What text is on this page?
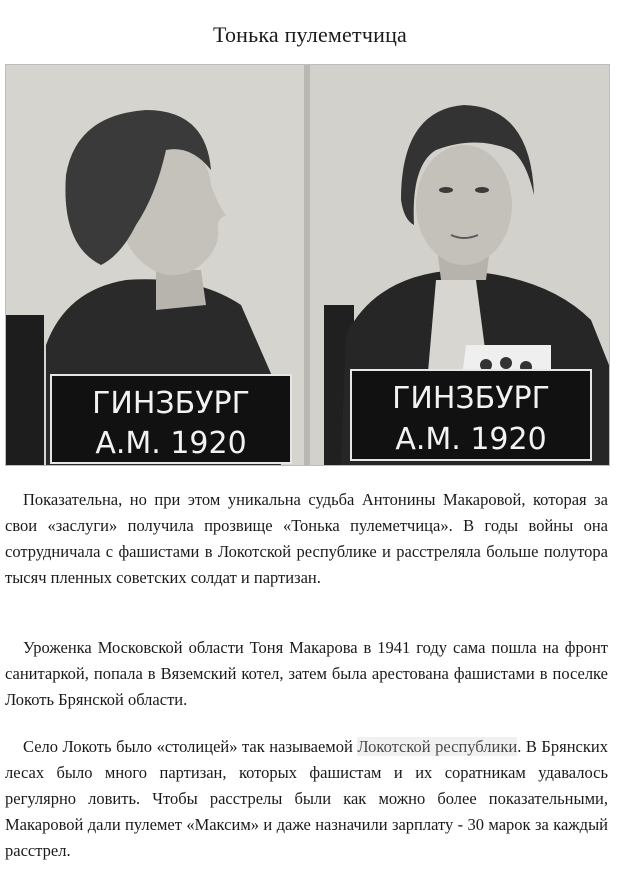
Тонька пулеметчица
ГИНЗБУРГ
А.М. 1920
ГИНЗБУРГ
А.М. 1920

Показательна, но при этом уникальна судьба Антонины Макаровой, которая за свои «заслуги» получила прозвище «Тонька пулеметчица». В годы войны она сотрудничала с фашистами в Локотской республике и расстреляла больше полутора тысяч пленных советских солдат и партизан.

Уроженка Московской области Тоня Макарова в 1941 году сама пошла на фронт санитаркой, попала в Вяземский котел, затем была арестована фашистами в поселке Локоть Брянской области.

Село Локоть было «столицей» так называемой Локотской республики. В Брянских лесах было много партизан, которых фашистам и их соратникам удавалось регулярно ловить. Чтобы расстрелы были как можно более показательными, Макаровой дали пулемет «Максим» и даже назначили зарплату - 30 марок за каждый расстрел.
